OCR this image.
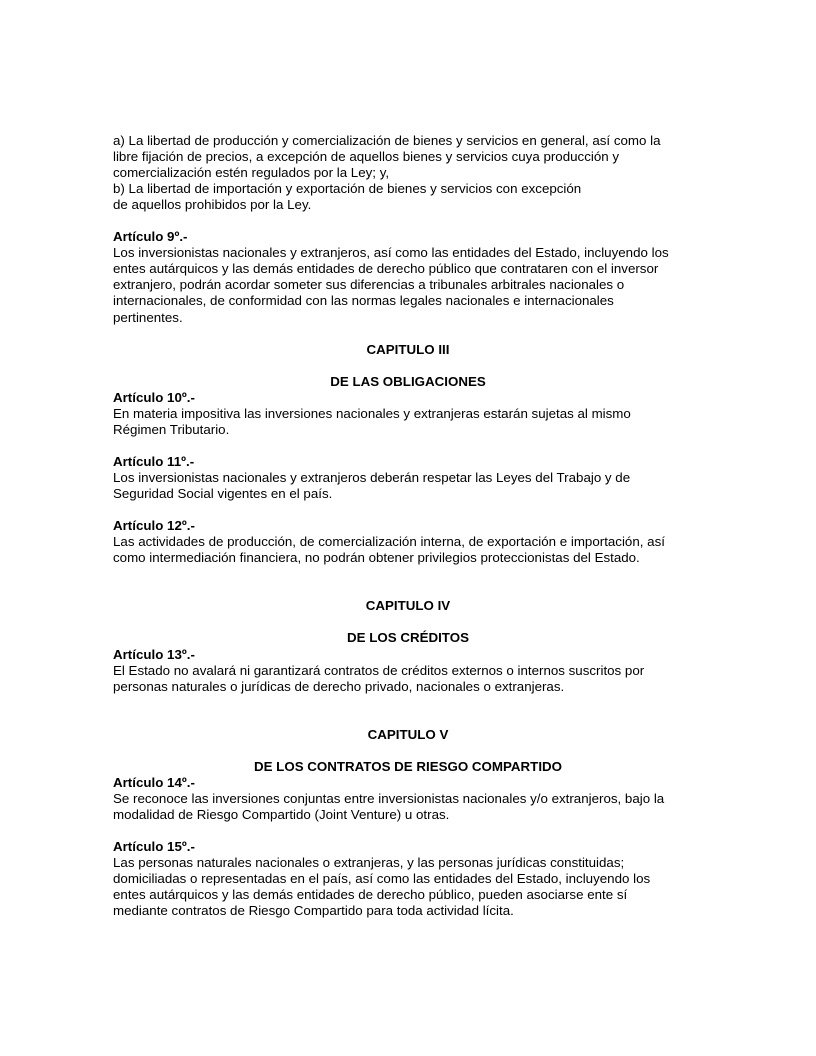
a) La libertad de producción y comercialización de bienes y servicios en general, así como la
libre fijación de precios, a excepción de aquellos bienes y servicios cuya producción y
comercialización estén regulados por la Ley; y,
b) La libertad de importación y exportación de bienes y servicios con excepción
de aquellos prohibidos por la Ley.
Artículo 9º.-
Los inversionistas nacionales y extranjeros, así como las entidades del Estado, incluyendo los
entes autárquicos y las demás entidades de derecho público que contrataren con el inversor
extranjero, podrán acordar someter sus diferencias a tribunales arbitrales nacionales o
internacionales, de conformidad con las normas legales nacionales e internacionales
pertinentes.
CAPITULO III
DE LAS OBLIGACIONES
Artículo 10º.-
En materia impositiva las inversiones nacionales y extranjeras estarán sujetas al mismo
Régimen Tributario.
Artículo 11º.-
Los inversionistas nacionales y extranjeros deberán respetar las Leyes del Trabajo y de
Seguridad Social vigentes en el país.
Artículo 12º.-
Las actividades de producción, de comercialización interna, de exportación e importación, así
como intermediación financiera, no podrán obtener privilegios proteccionistas del Estado.
CAPITULO IV
DE LOS CRÉDITOS
Artículo 13º.-
El Estado no avalará ni garantizará contratos de créditos externos o internos suscritos por
personas naturales o jurídicas de derecho privado, nacionales o extranjeras.
CAPITULO V
DE LOS CONTRATOS DE RIESGO COMPARTIDO
Artículo 14º.-
Se reconoce las inversiones conjuntas entre inversionistas nacionales y/o extranjeros, bajo la
modalidad de Riesgo Compartido (Joint Venture) u otras.
Artículo 15º.-
Las personas naturales nacionales o extranjeras, y las personas jurídicas constituidas;
domiciliadas o representadas en el país, así como las entidades del Estado, incluyendo los
entes autárquicos y las demás entidades de derecho público, pueden asociarse ente sí
mediante contratos de Riesgo Compartido para toda actividad lícita.
